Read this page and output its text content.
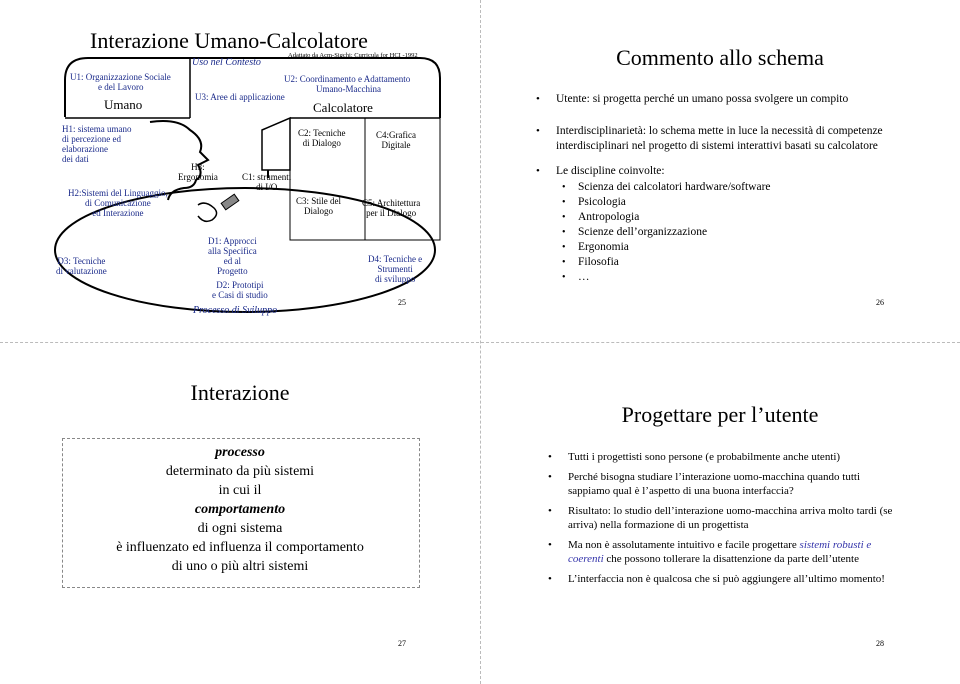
Interazione Umano-Calcolatore
Adattato da Acm-Sigchi: Curricula for HCI -1992
Uso nel Contesto
U1: Organizzazione Sociale
e del Lavoro
U3: Aree di applicazione
U2: Coordinamento e Adattamento
Umano-Macchina
Umano	Calcolatore
H1: sistema umano
di percezione ed
elaborazione
dei dati
H2:Sistemi del Linguaggio,
di Comunicazione
ed Interazione
H3:
Ergonomia	C1: strumenti
di I/O
C2: Tecniche
di Dialogo
C3: Stile del
Dialogo
C4:Grafica
Digitale
C5: Architettura
per il Dialogo
D1: Approcci
alla Specifica
ed al
Progetto
D2: Prototipi
e Casi di studio
D3: Tecniche
di valutazione
D4: Tecniche e
Strumenti
di sviluppo
Processo di Sviluppo
25
Commento allo schema
• Utente: si progetta perché un umano possa svolgere un compito
• Interdisciplinarietà: lo schema mette in luce la necessità di competenze interdisciplinari nel progetto di sistemi interattivi basati su calcolatore
• Le discipline coinvolte:
• Scienza dei calcolatori hardware/software
• Psicologia
• Antropologia
• Scienze dell’organizzazione
• Ergonomia
• Filosofia
• …
26
Interazione
processo
determinato da più sistemi
in cui il
comportamento
di ogni sistema
è influenzato ed influenza il comportamento
di uno o più altri sistemi
27
Progettare per l’utente
• Tutti i progettisti sono persone (e probabilmente anche utenti)
• Perché bisogna studiare l’interazione uomo-macchina quando tutti sappiamo qual è l’aspetto di una buona interfaccia?
• Risultato: lo studio dell’interazione uomo-macchina arriva molto tardi (se arriva) nella formazione di un progettista
• Ma non è assolutamente intuitivo e facile progettare sistemi robusti e coerenti che possono tollerare la disattenzione da parte dell’utente
• L’interfaccia non è qualcosa che si può aggiungere all’ultimo momento!
28
